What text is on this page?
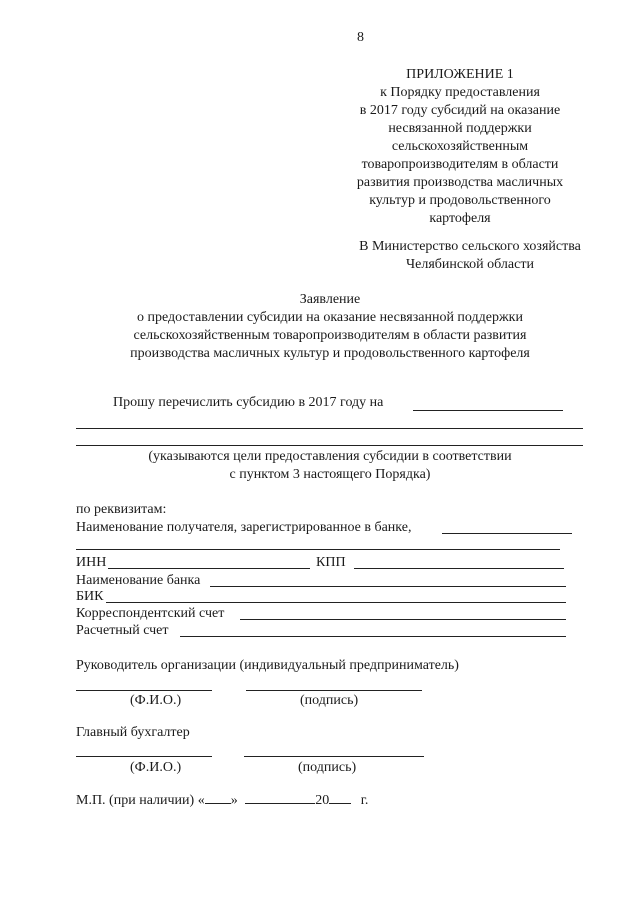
8
ПРИЛОЖЕНИЕ 1
к Порядку предоставления
в 2017 году субсидий на оказание
несвязанной поддержки
сельскохозяйственным
товаропроизводителям в области
развития производства масличных
культур и продовольственного
картофеля
В Министерство сельского хозяйства
Челябинской области
Заявление
о предоставлении субсидии на оказание несвязанной поддержки
сельскохозяйственным товаропроизводителям в области развития
производства масличных культур и продовольственного картофеля
Прошу перечислить субсидию в 2017 году на
(указываются цели предоставления субсидии в соответствии
с пунктом 3 настоящего Порядка)
по реквизитам:
Наименование получателя, зарегистрированное в банке,
ИНН	КПП
Наименование банка
БИК
Корреспондентский счет
Расчетный счет
Руководитель организации (индивидуальный предприниматель)
(Ф.И.О.)	(подпись)
Главный бухгалтер
(Ф.И.О.)	(подпись)
М.П. (при наличии) « »	20 г.
